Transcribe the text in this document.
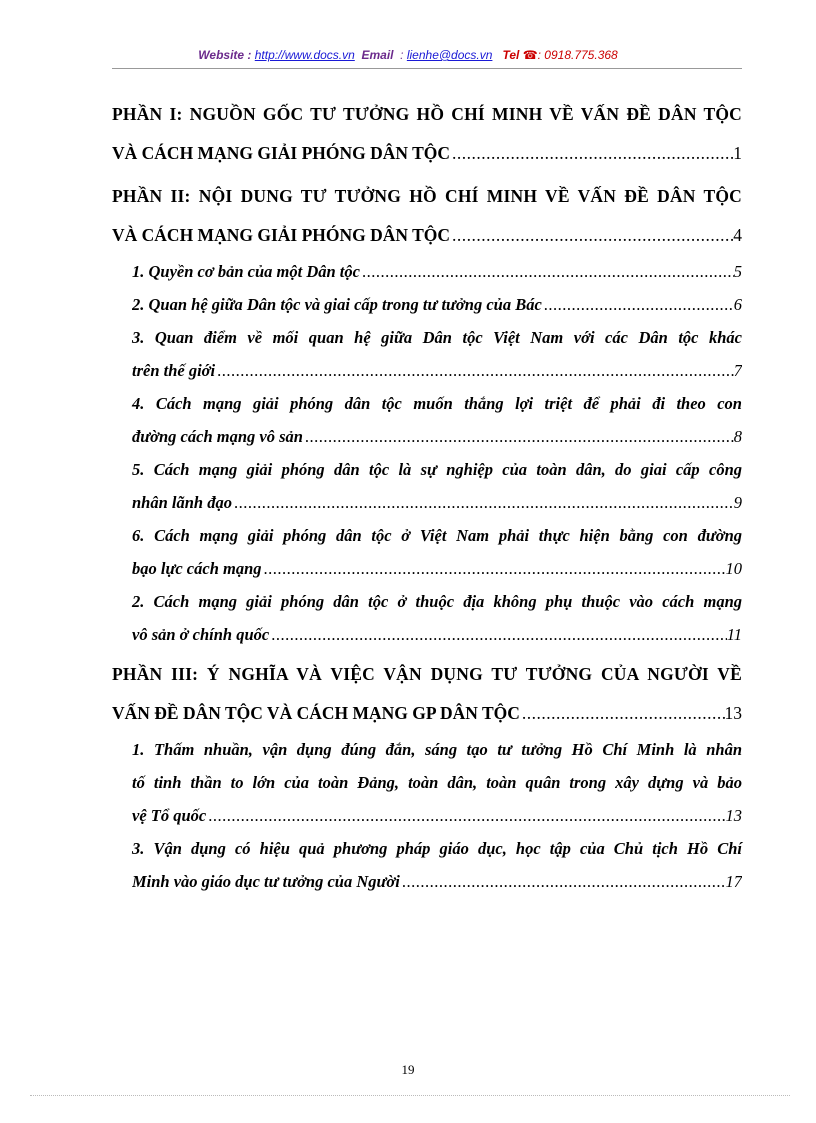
Website : http://www.docs.vn Email : lienhe@docs.vn Tel ☎: 0918.775.368
PHẦN I: NGUỒN GỐC TƯ TƯỞNG HỒ CHÍ MINH VỀ VẤN ĐỀ DÂN TỘC
VÀ CÁCH MẠNG GIẢI PHÓNG DÂN TỘC .....	1
PHẦN II: NỘI DUNG TƯ TƯỞNG HỒ CHÍ MINH VỀ VẤN ĐỀ DÂN TỘC
VÀ CÁCH MẠNG GIẢI PHÓNG DÂN TỘC .....	4
1. Quyền cơ bản của một Dân tộc .....	5
2. Quan hệ giữa Dân tộc và giai cấp trong tư tưởng của Bác .....	6
3. Quan điểm về mối quan hệ giữa Dân tộc Việt Nam với các Dân tộc khác
trên thế giới .....	7
4. Cách mạng giải phóng dân tộc muốn thắng lợi triệt để phải đi theo con
đường cách mạng vô sản .....	8
5. Cách mạng giải phóng dân tộc là sự nghiệp của toàn dân, do giai cấp công
nhân lãnh đạo .....	9
6. Cách mạng giải phóng dân tộc ở Việt Nam phải thực hiện bằng con đường
bạo lực cách mạng .....	10
2. Cách mạng giải phóng dân tộc ở thuộc địa không phụ thuộc vào cách mạng
vô sản ở chính quốc .....	11
PHẦN III: Ý NGHĨA VÀ VIỆC VẬN DỤNG TƯ TƯỞNG CỦA NGƯỜI VỀ
VẤN ĐỀ DÂN TỘC VÀ CÁCH MẠNG GP DÂN TỘC .....	13
1. Thấm nhuần, vận dụng đúng đắn, sáng tạo tư tưởng Hồ Chí Minh là nhân
tố tinh thần to lớn của toàn Đảng, toàn dân, toàn quân trong xây dựng và bảo
vệ Tổ quốc .....	13
3. Vận dụng có hiệu quả phương pháp giáo dục, học tập của Chủ tịch Hồ Chí
Minh vào giáo dục tư tưởng của Người .....	17
19
